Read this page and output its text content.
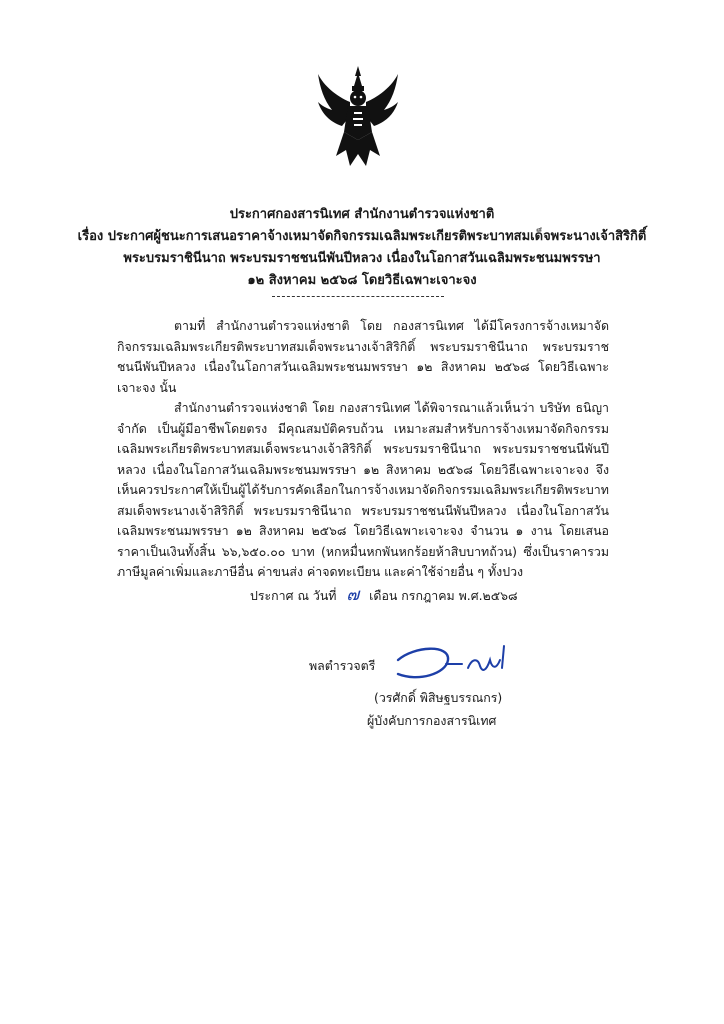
ประกาศกองสารนิเทศ สำนักงานตำรวจแห่งชาติ
เรื่อง ประกาศผู้ชนะการเสนอราคาจ้างเหมาจัดกิจกรรมเฉลิมพระเกียรติพระบาทสมเด็จพระนางเจ้าสิริกิติ์
พระบรมราชินีนาถ พระบรมราชชนนีพันปีหลวง เนื่องในโอกาสวันเฉลิมพระชนมพรรษา
๑๒ สิงหาคม ๒๕๖๘ โดยวิธีเฉพาะเจาะจง
ตามที่ สำนักงานตำรวจแห่งชาติ โดย กองสารนิเทศ ได้มีโครงการจ้างเหมาจัดกิจกรรมเฉลิมพระเกียรติพระบาทสมเด็จพระนางเจ้าสิริกิติ์ พระบรมราชินีนาถ พระบรมราชชนนีพันปีหลวง เนื่องในโอกาสวันเฉลิมพระชนมพรรษา ๑๒ สิงหาคม ๒๕๖๘ โดยวิธีเฉพาะเจาะจง นั้น
สำนักงานตำรวจแห่งชาติ โดย กองสารนิเทศ ได้พิจารณาแล้วเห็นว่า บริษัท ธนิญา จำกัด เป็นผู้มีอาชีพโดยตรง มีคุณสมบัติครบถ้วน เหมาะสมสำหรับการจ้างเหมาจัดกิจกรรมเฉลิมพระเกียรติพระบาทสมเด็จพระนางเจ้าสิริกิติ์ พระบรมราชินีนาถ พระบรมราชชนนีพันปีหลวง เนื่องในโอกาสวันเฉลิมพระชนมพรรษา ๑๒ สิงหาคม ๒๕๖๘ โดยวิธีเฉพาะเจาะจง จึงเห็นควรประกาศให้เป็นผู้ได้รับการคัดเลือกในการจ้างเหมาจัดกิจกรรมเฉลิมพระเกียรติพระบาทสมเด็จพระนางเจ้าสิริกิติ์ พระบรมราชินีนาถ พระบรมราชชนนีพันปีหลวง เนื่องในโอกาสวันเฉลิมพระชนมพรรษา ๑๒ สิงหาคม ๒๕๖๘ โดยวิธีเฉพาะเจาะจง จำนวน ๑ งาน โดยเสนอราคาเป็นเงินทั้งสิ้น ๖๖,๖๕๐.๐๐ บาท (หกหมื่นหกพันหกร้อยห้าสิบบาทถ้วน) ซึ่งเป็นราคารวมภาษีมูลค่าเพิ่มและภาษีอื่น ค่าขนส่ง ค่าจดทะเบียน และค่าใช้จ่ายอื่น ๆ ทั้งปวง
ประกาศ ณ วันที่ ๗ เดือน กรกฎาคม พ.ศ.๒๕๖๘
พลตำรวจตรี
(วรศักดิ์ พิสิษฐบรรณกร)
ผู้บังคับการกองสารนิเทศ
